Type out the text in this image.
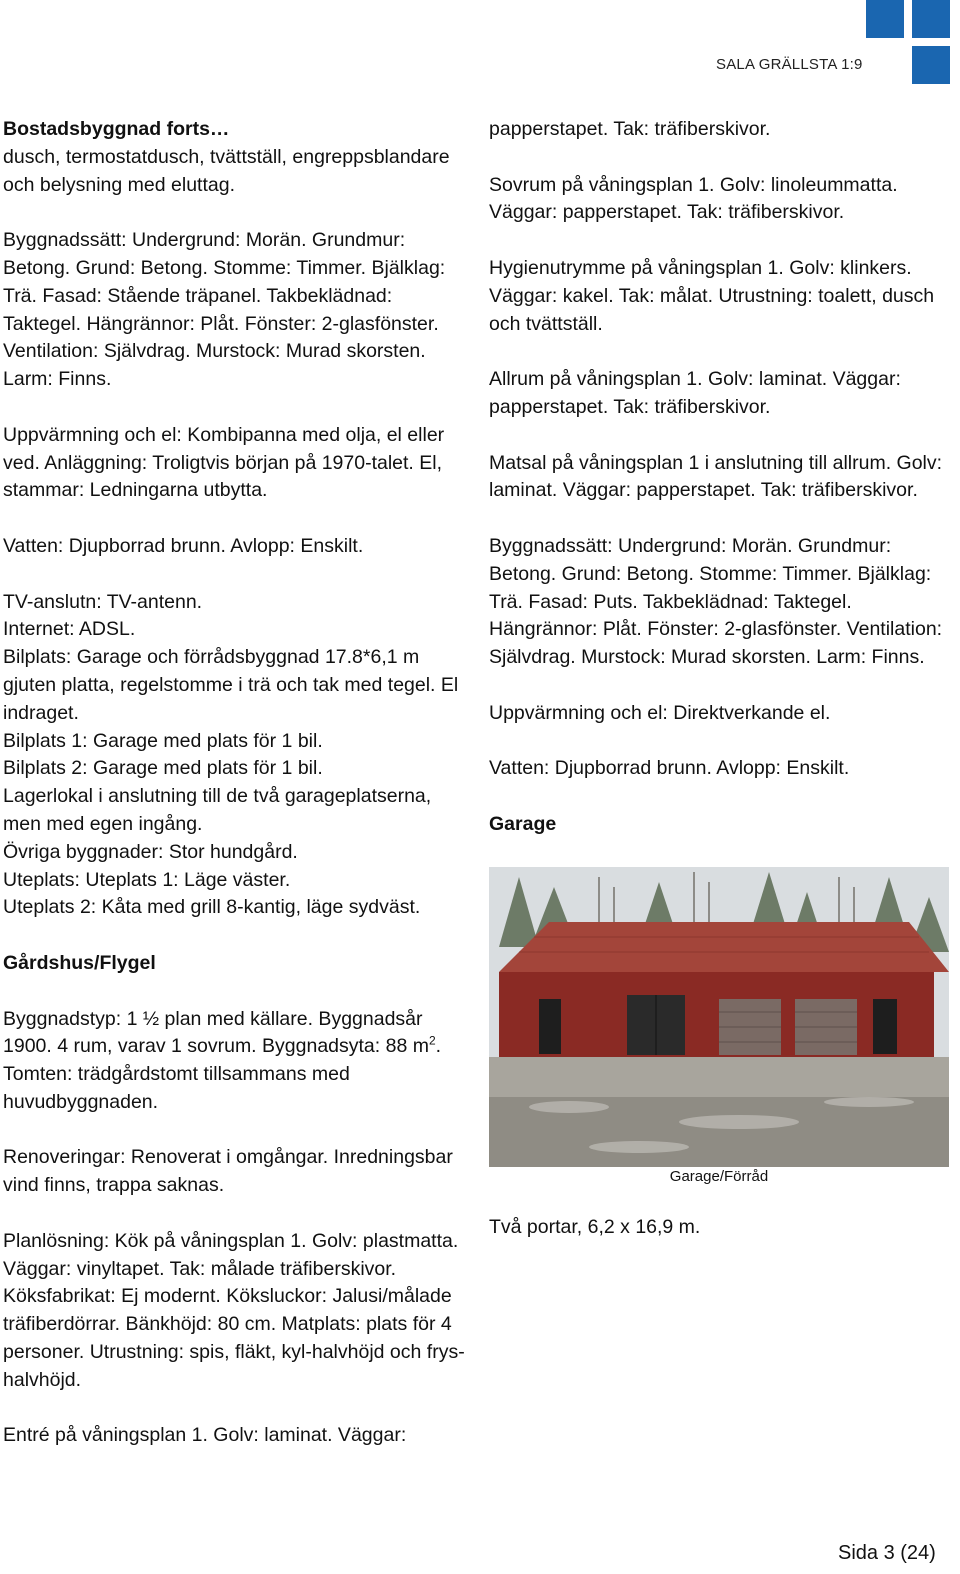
SALA GRÄLLSTA 1:9

Bostadsbyggnad forts…

dusch, termostatdusch, tvättställ, engreppsblandare och belysning med eluttag.

Byggnadssätt: Undergrund: Morän. Grundmur: Betong. Grund: Betong. Stomme: Timmer. Bjälklag: Trä. Fasad: Stående träpanel. Takbeklädnad: Taktegel. Hängrännor: Plåt. Fönster: 2-glasfönster. Ventilation: Självdrag. Murstock: Murad skorsten. Larm: Finns.

Uppvärmning och el: Kombipanna med olja, el eller ved. Anläggning: Troligtvis början på 1970-talet. El, stammar: Ledningarna utbytta.

Vatten: Djupborrad brunn. Avlopp: Enskilt.

TV-anslutn: TV-antenn.

Internet: ADSL.

Bilplats: Garage och förrådsbyggnad 17.8*6,1 m gjuten platta, regelstomme i trä och tak med tegel. El indraget.

Bilplats 1: Garage med plats för 1 bil.

Bilplats 2: Garage med plats för 1 bil.

Lagerlokal i anslutning till de två garageplatserna, men med egen ingång.

Övriga byggnader: Stor hundgård.

Uteplats: Uteplats 1: Läge väster.

Uteplats 2: Kåta med grill 8-kantig, läge sydväst.

Gårdshus/Flygel

Byggnadstyp: 1 ½ plan med källare. Byggnadsår 1900. 4 rum, varav 1 sovrum. Byggnadsyta: 88 $m^2$. Tomten: trädgårdstomt tillsammans med huvudbyggnaden.

Renoveringar: Renoverat i omgångar. Inredningsbar vind finns, trappa saknas.

Planlösning: Kök på våningsplan 1. Golv: plastmatta. Väggar: vinyltapet. Tak: målade träfiberskivor. Köksfabrikat: Ej modernt. Köksluckor: Jalusi/målade träfiberdörrar. Bänkhöjd: 80 cm. Matplats: plats för 4 personer. Utrustning: spis, fläkt, kyl-halvhöjd och frys-halvhöjd.

Entré på våningsplan 1. Golv: laminat. Väggar:

papperstapet. Tak: träfiberskivor.

Sovrum på våningsplan 1. Golv: linoleummatta. Väggar: papperstapet. Tak: träfiberskivor.

Hygienutrymme på våningsplan 1. Golv: klinkers. Väggar: kakel. Tak: målat. Utrustning: toalett, dusch och tvättställ.

Allrum på våningsplan 1. Golv: laminat. Väggar: papperstapet. Tak: träfiberskivor.

Matsal på våningsplan 1 i anslutning till allrum. Golv: laminat. Väggar: papperstapet. Tak: träfiberskivor.

Byggnadssätt: Undergrund: Morän. Grundmur: Betong. Grund: Betong. Stomme: Timmer. Bjälklag: Trä. Fasad: Puts. Takbeklädnad: Taktegel. Hängrännor: Plåt. Fönster: 2-glasfönster. Ventilation: Självdrag. Murstock: Murad skorsten. Larm: Finns.

Uppvärmning och el: Direktverkande el.

Vatten: Djupborrad brunn. Avlopp: Enskilt.

Garage

Garage/Förråd

Två portar, 6,2 x 16,9 m.

Sida 3 (24)
